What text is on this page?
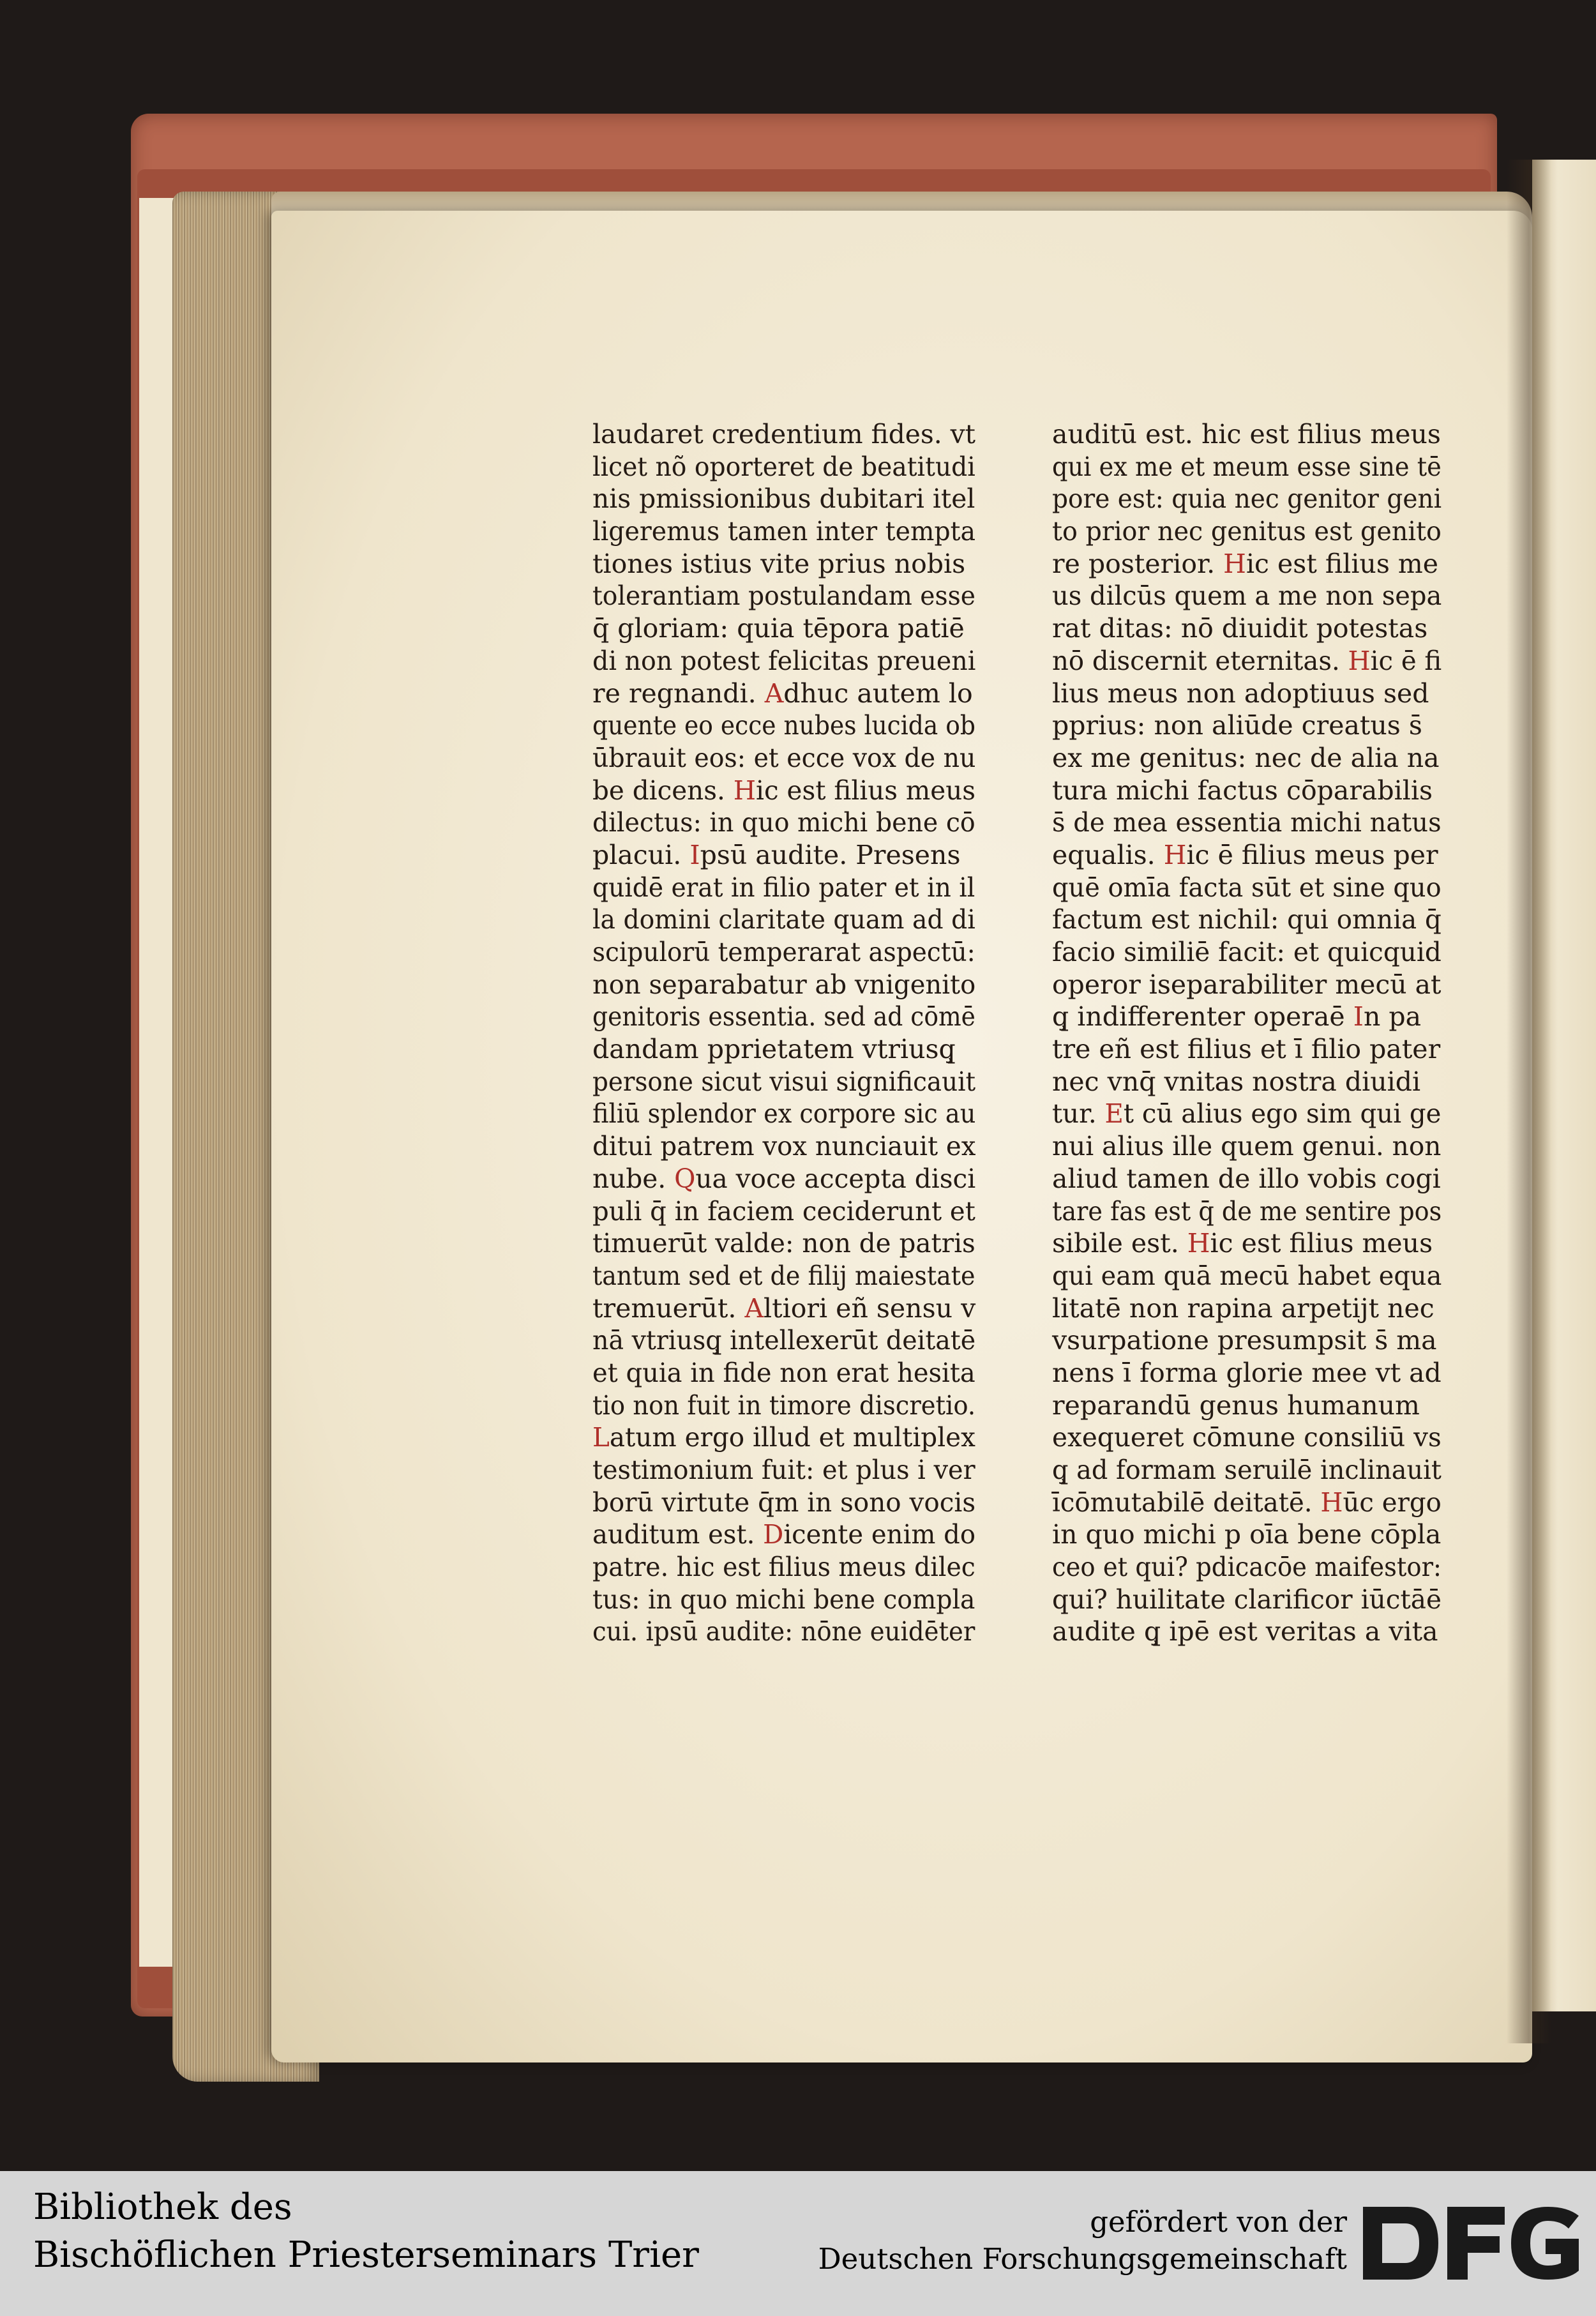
laudaret credentium fides. vt
licet nõ oporteret de beatitudi
nis pmissionibus dubitari itel
ligeremus tamen inter tempta
tiones istius vite prius nobis
tolerantiam postulandam esse
q̄ gloriam: quia tēpora patiē
di non potest felicitas preueni
re regnandi. Adhuc autem lo
quente eo ecce nubes lucida ob
ūbrauit eos: et ecce vox de nu
be dicens. Hic est filius meus
dilectus: in quo michi bene cō
placui. Ipsū audite. Presens
quidē erat in filio pater et in il
la domini claritate quam ad di
scipulorū temperarat aspectū:
non separabatur ab vnigenito
genitoris essentia. sed ad cōmē
dandam pprietatem vtriusq̧
persone sicut visui significauit
filiū splendor ex corpore sic au
ditui patrem vox nunciauit ex
nube. Qua voce accepta disci
puli q̄ in faciem ceciderunt et
timuerūt valde: non de patris
tantum sed et de filij maiestate
tremuerūt. Altiori eñ sensu v
nā vtriusq̧ intellexerūt deitatē
et quia in fide non erat hesita
tio non fuit in timore discretio.
Latum ergo illud et multiplex
testimonium fuit: et plus i ver
borū virtute q̄m in sono vocis
auditum est. Dicente enim do
patre. hic est filius meus dilec
tus: in quo michi bene compla
cui. ipsū audite: nōne euidēter
auditū est. hic est filius meus
qui ex me et meum esse sine tē
pore est: quia nec genitor geni
to prior nec genitus est genito
re posterior. Hic est filius me
us dilcūs quem a me non sepa
rat ditas: nō diuidit potestas
nō discernit eternitas. Hic ē fi
lius meus non adoptiuus sed
pprius: non aliūde creatus s̄
ex me genitus: nec de alia na
tura michi factus cōparabilis
s̄ de mea essentia michi natus
equalis. Hic ē filius meus per
quē omīa facta sūt et sine quo
factum est nichil: qui omnia q̄
facio similiē facit: et quicquid
operor iseparabiliter mecū at
q̧ indifferenter operaē In pa
tre eñ est filius et ī filio pater
nec vnq̄ vnitas nostra diuidi
tur. Et cū alius ego sim qui ge
nui alius ille quem genui. non
aliud tamen de illo vobis cogi
tare fas est q̄ de me sentire pos
sibile est. Hic est filius meus
qui eam quā mecū habet equa
litatē non rapina arpetijt nec
vsurpatione presumpsit s̄ ma
nens ī forma glorie mee vt ad
reparandū genus humanum
exequeret cōmune consiliū vs
q̧ ad formam seruilē inclinauit
īcōmutabilē deitatē. Hūc ergo
in quo michi p oīa bene cōpla
ceo et qui? pdicacōe maifestor:
qui? huilitate clarificor iūctāē
audite q̧ ipē est veritas a vita
Bibliothek des
Bischöflichen Priesterseminars Trier
gefördert von der
Deutschen Forschungsgemeinschaft
